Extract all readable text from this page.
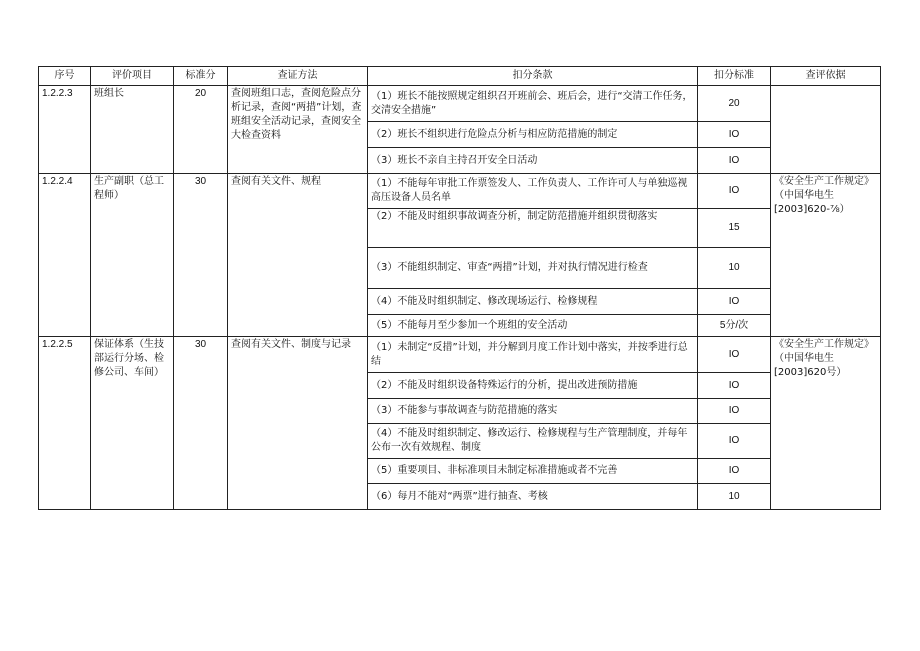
序号	评价项目	标准分	查证方法	扣分条款	扣分标准	查评依据
1.2.2.3	班组长	20	查阅班组口志，查阅危险点分析记录，查阅“两措”计划，查班组安全活动记录，查阅安全大检查资料	（1）班长不能按照规定组织召开班前会、班后会，进行“交清工作任务，交清安全措施”	20	

				（2）班长不组织进行危险点分析与相应防范措施的制定	IO	

				（3）班长不亲自主持召开安全日活动	IO	
1.2.2.4	生产副职（总工程师）	30	查阅有关文件、规程	（1）不能每年审批工作票签发人、工作负责人、工作许可人与单独巡视高压设备人员名单	IO	《安全生产工作规定》（中国华电生[2003]620-⅞）

				（2）不能及时组织事故调查分析，制定防范措施并组织贯彻落实	15	

				（3）不能组织制定、审查“两措”计划，并对执行情况进行检查	10	

				（4）不能及时组织制定、修改现场运行、检修规程	IO	

				（5）不能每月至少参加一个班组的安全活动	5分/次	
1.2.2.5	保证体系（生技部运行分场、检修公司、车间）	30	查阅有关文件、制度与记录	（1）未制定“反措”计划，并分解到月度工作计划中落实，并按季进行总结	IO	《安全生产工作规定》（中国华电生[2003]620号）

				（2）不能及时组织设备特殊运行的分析，提出改进预防措施	IO	

				（3）不能参与事故调查与防范措施的落实	IO	

				（4）不能及时组织制定、修改运行、检修规程与生产管理制度，并每年公布一次有效规程、制度	IO	

				（5）重要项目、非标准项目未制定标准措施或者不完善	IO	

				（6）每月不能对“两票”进行抽查、考核	10	
